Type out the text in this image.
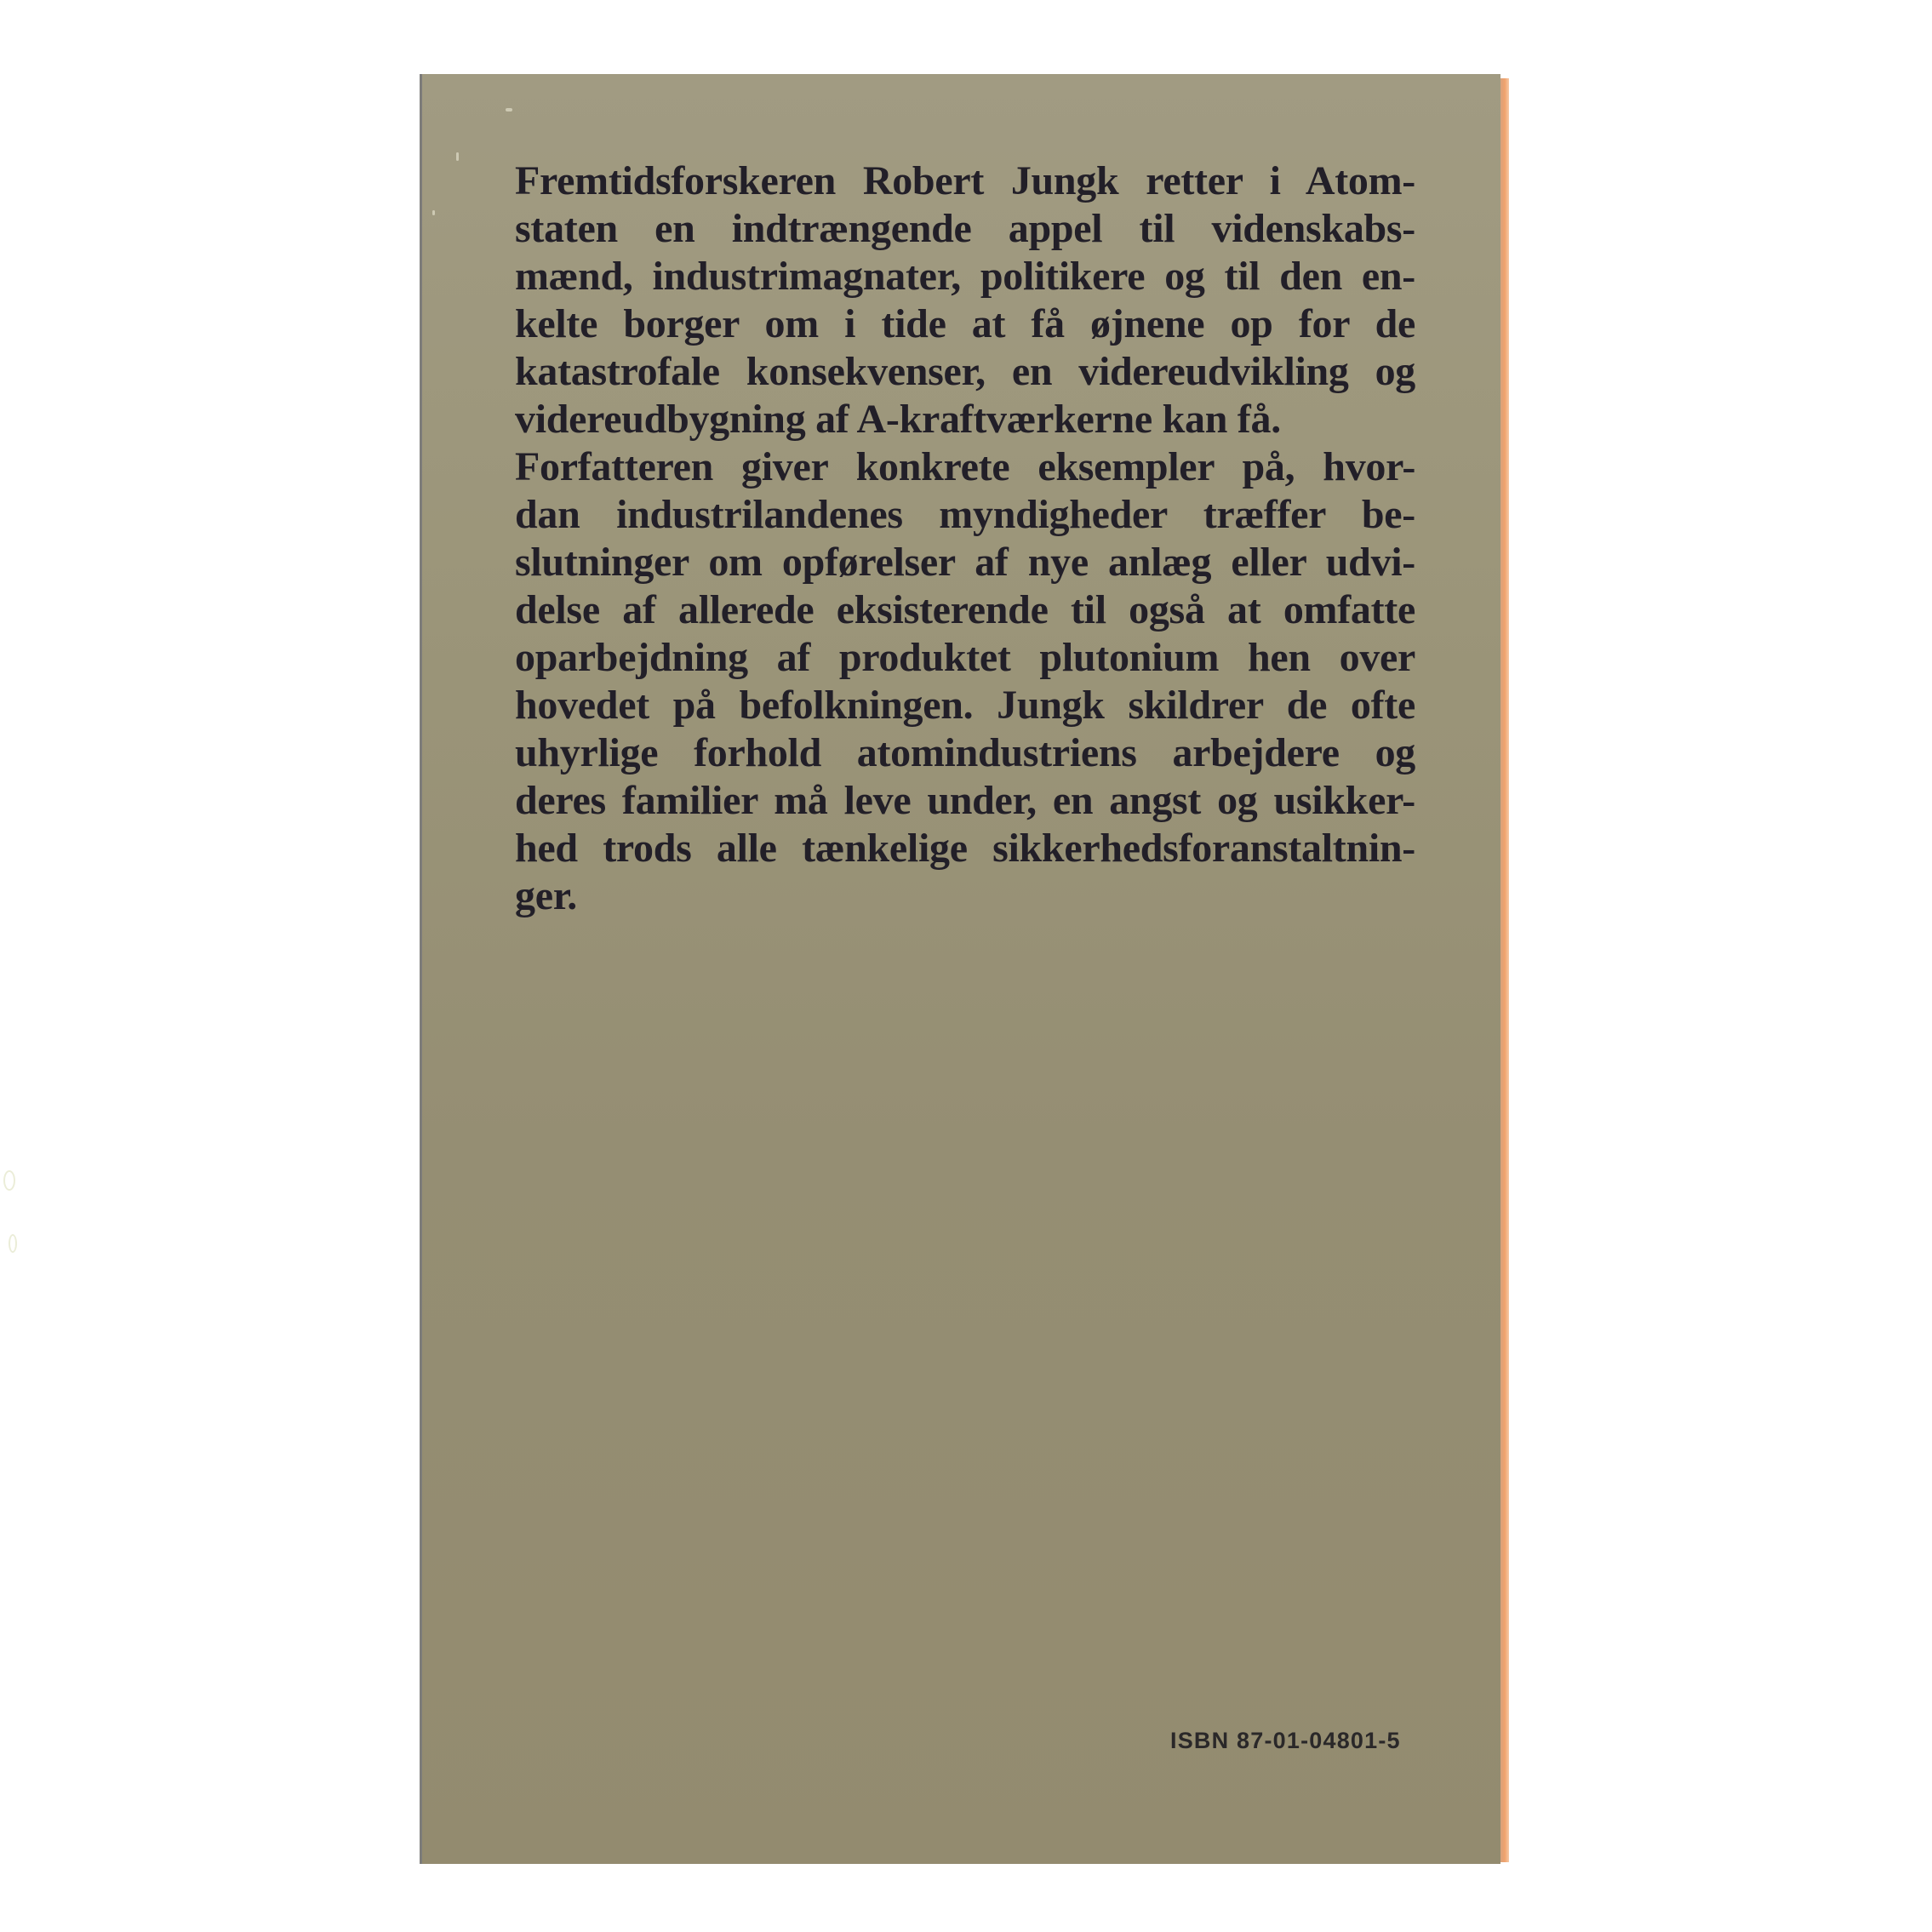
Fremtidsforskeren Robert Jungk retter i Atom-
staten en indtrængende appel til videnskabs-
mænd, industrimagnater, politikere og til den en-
kelte borger om i tide at få øjnene op for de
katastrofale konsekvenser, en videreudvikling og
videreudbygning af A-kraftværkerne kan få.
Forfatteren giver konkrete eksempler på, hvor-
dan industrilandenes myndigheder træffer be-
slutninger om opførelser af nye anlæg eller udvi-
delse af allerede eksisterende til også at omfatte
oparbejdning af produktet plutonium hen over
hovedet på befolkningen. Jungk skildrer de ofte
uhyrlige forhold atomindustriens arbejdere og
deres familier må leve under, en angst og usikker-
hed trods alle tænkelige sikkerhedsforanstaltnin-
ger.
ISBN 87-01-04801-5
